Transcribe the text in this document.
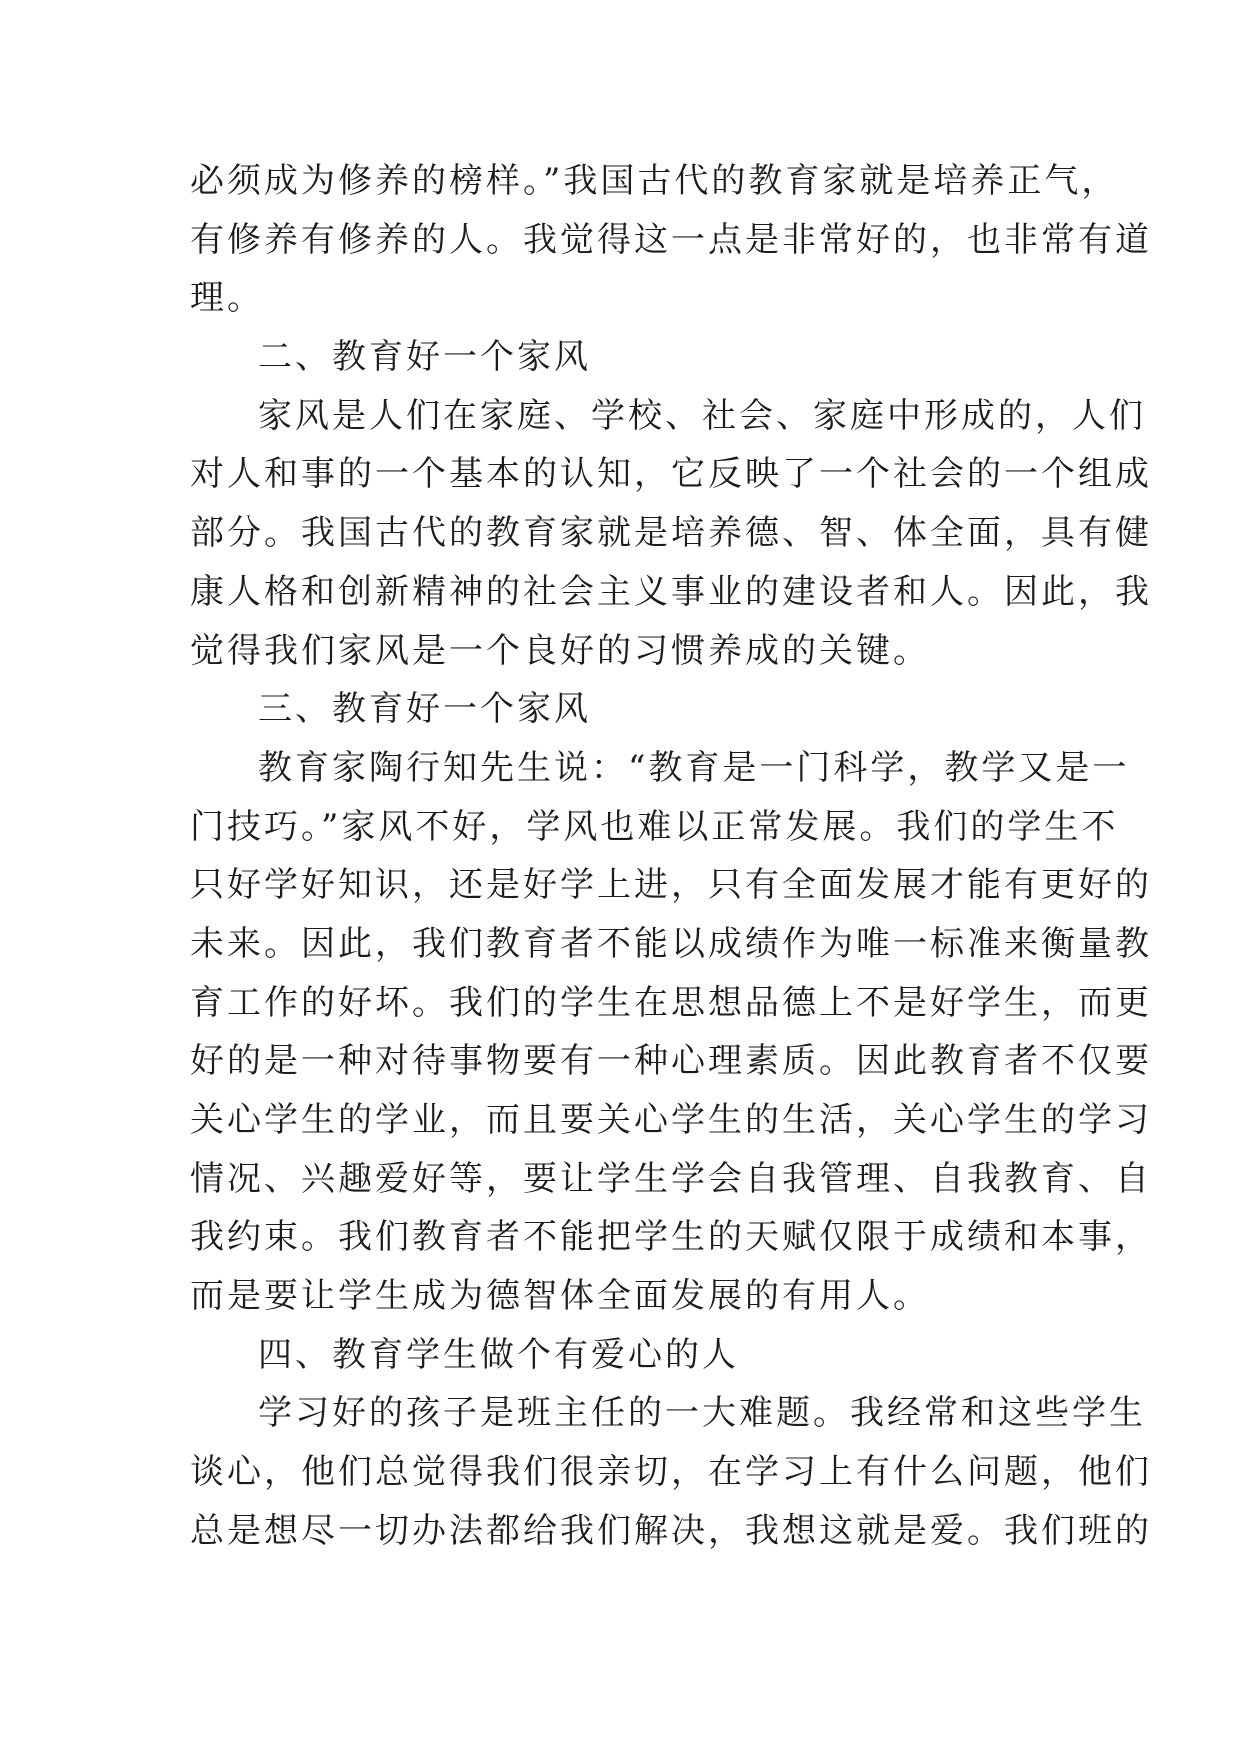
必须成为修养的榜样。”我国古代的教育家就是培养正气，
有修养有修养的人。我觉得这一点是非常好的，也非常有道
理。
二、教育好一个家风
家风是人们在家庭、学校、社会、家庭中形成的，人们
对人和事的一个基本的认知，它反映了一个社会的一个组成
部分。我国古代的教育家就是培养德、智、体全面，具有健
康人格和创新精神的社会主义事业的建设者和人。因此，我
觉得我们家风是一个良好的习惯养成的关键。
三、教育好一个家风
教育家陶行知先生说：“教育是一门科学，教学又是一
门技巧。”家风不好，学风也难以正常发展。我们的学生不
只好学好知识，还是好学上进，只有全面发展才能有更好的
未来。因此，我们教育者不能以成绩作为唯一标准来衡量教
育工作的好坏。我们的学生在思想品德上不是好学生，而更
好的是一种对待事物要有一种心理素质。因此教育者不仅要
关心学生的学业，而且要关心学生的生活，关心学生的学习
情况、兴趣爱好等，要让学生学会自我管理、自我教育、自
我约束。我们教育者不能把学生的天赋仅限于成绩和本事，
而是要让学生成为德智体全面发展的有用人。
四、教育学生做个有爱心的人
学习好的孩子是班主任的一大难题。我经常和这些学生
谈心，他们总觉得我们很亲切，在学习上有什么问题，他们
总是想尽一切办法都给我们解决，我想这就是爱。我们班的
